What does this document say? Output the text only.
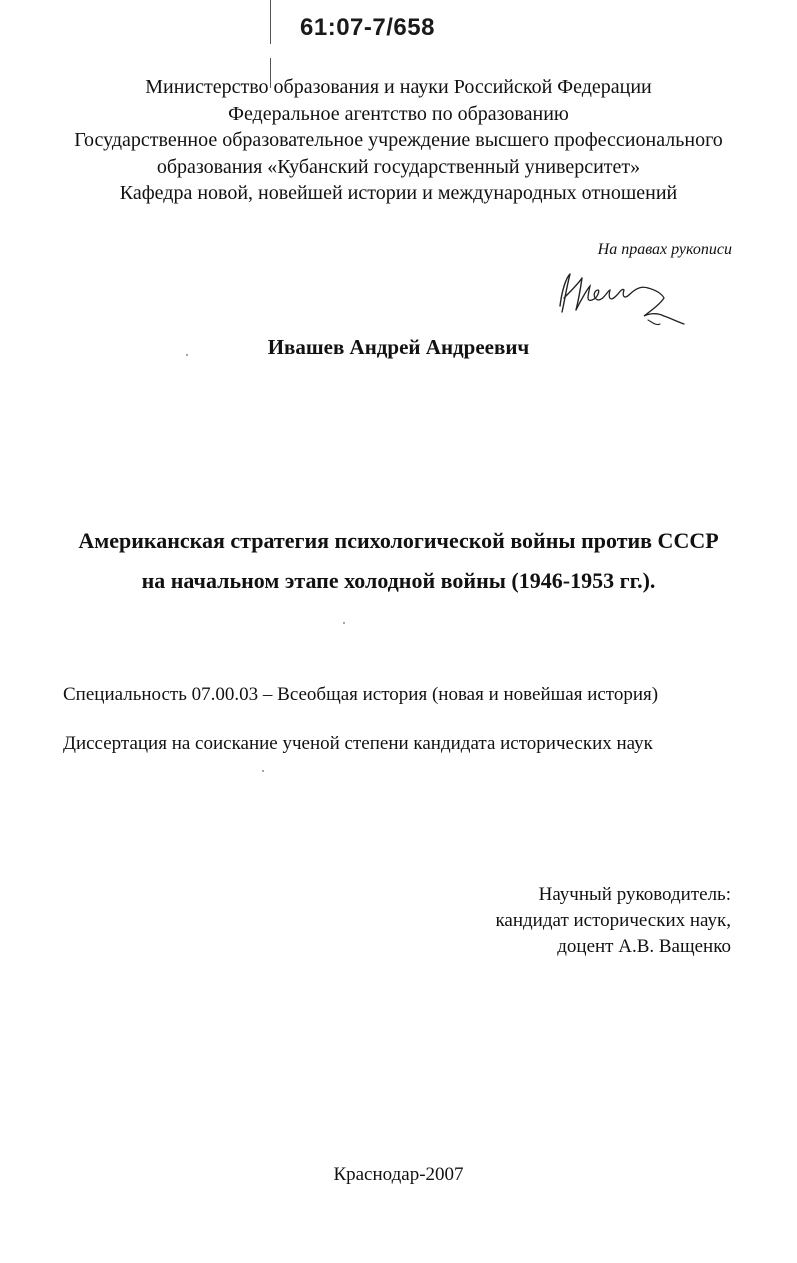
61:07-7/658
Министерство образования и науки Российской Федерации
Федеральное агентство по образованию
Государственное образовательное учреждение высшего профессионального
образования «Кубанский государственный университет»
Кафедра новой, новейшей истории и международных отношений
На правах рукописи
Ивашев Андрей Андреевич
Американская стратегия психологической войны против СССР
на начальном этапе холодной войны (1946-1953 гг.).
Специальность 07.00.03 – Всеобщая история (новая и новейшая история)
Диссертация на соискание ученой степени кандидата исторических наук
Научный руководитель:
кандидат исторических наук,
доцент А.В. Ващенко
Краснодар-2007
